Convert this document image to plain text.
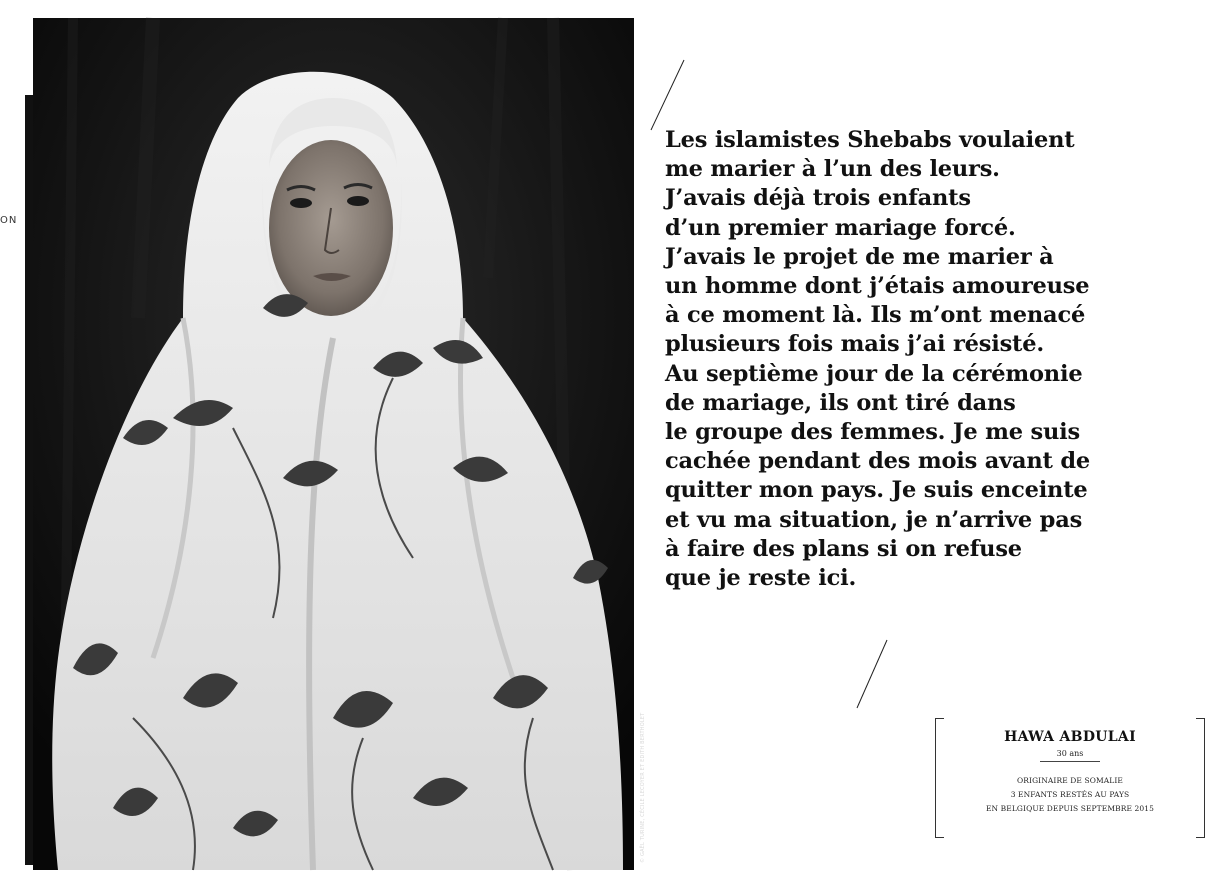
ON
© GAËL TURINE, CÉCILE LECOYER ET EDITH BERTHOLET
Les islamistes Shebabs voulaient
me marier à l’un des leurs.
J’avais déjà trois enfants
d’un premier mariage forcé.
J’avais le projet de me marier à
un homme dont j’étais amoureuse
à ce moment là. Ils m’ont menacé
plusieurs fois mais j’ai résisté.
Au septième jour de la cérémonie
de mariage, ils ont tiré dans
le groupe des femmes. Je me suis
cachée pendant des mois avant de
quitter mon pays. Je suis enceinte
et vu ma situation, je n’arrive pas
à faire des plans si on refuse
que je reste ici.
HAWA ABDULAI
30 ans
ORIGINAIRE DE SOMALIE
3 ENFANTS RESTÉS AU PAYS
EN BELGIQUE DEPUIS SEPTEMBRE 2015
